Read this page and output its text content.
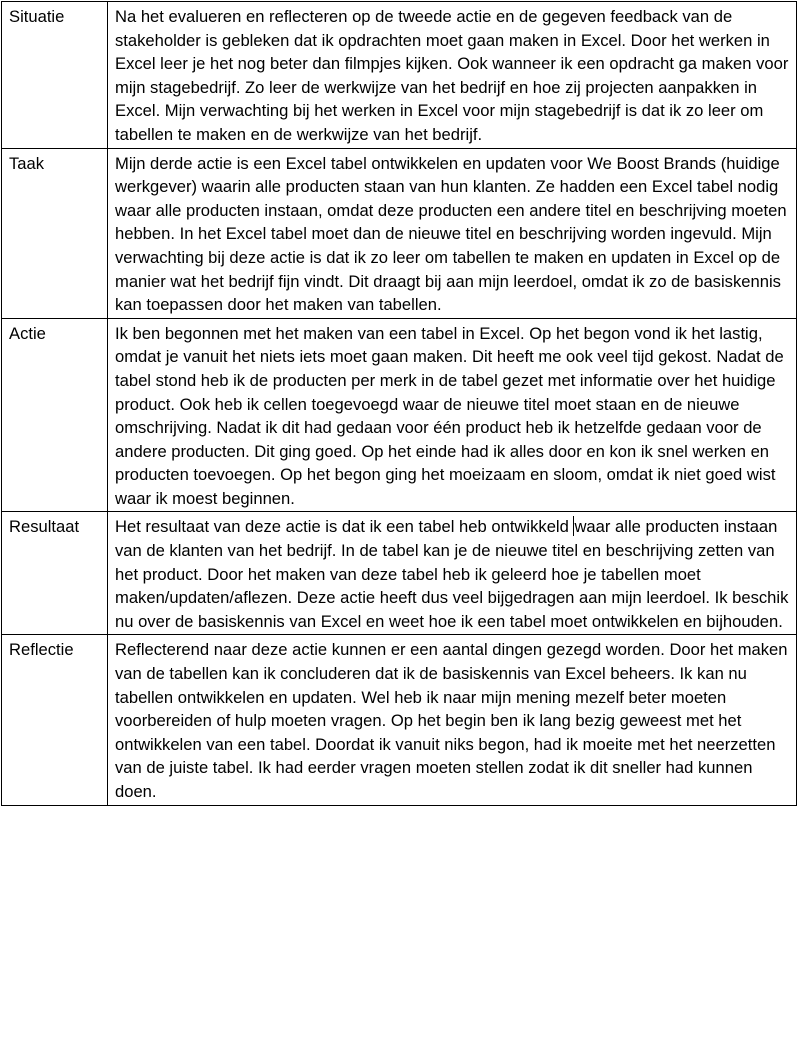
Situatie	Na het evalueren en reflecteren op de tweede actie en de gegeven feedback van de stakeholder is gebleken dat ik opdrachten moet gaan maken in Excel. Door het werken in Excel leer je het nog beter dan filmpjes kijken. Ook wanneer ik een opdracht ga maken voor mijn stagebedrijf. Zo leer de werkwijze van het bedrijf en hoe zij projecten aanpakken in Excel. Mijn verwachting bij het werken in Excel voor mijn stagebedrijf is dat ik zo leer om tabellen te maken en de werkwijze van het bedrijf.
Taak	Mijn derde actie is een Excel tabel ontwikkelen en updaten voor We Boost Brands (huidige werkgever) waarin alle producten staan van hun klanten. Ze hadden een Excel tabel nodig waar alle producten instaan, omdat deze producten een andere titel en beschrijving moeten hebben. In het Excel tabel moet dan de nieuwe titel en beschrijving worden ingevuld. Mijn verwachting bij deze actie is dat ik zo leer om tabellen te maken en updaten in Excel op de manier wat het bedrijf fijn vindt. Dit draagt bij aan mijn leerdoel, omdat ik zo de basiskennis kan toepassen door het maken van tabellen.
Actie	Ik ben begonnen met het maken van een tabel in Excel. Op het begon vond ik het lastig, omdat je vanuit het niets iets moet gaan maken. Dit heeft me ook veel tijd gekost. Nadat de tabel stond heb ik de producten per merk in de tabel gezet met informatie over het huidige product. Ook heb ik cellen toegevoegd waar de nieuwe titel moet staan en de nieuwe omschrijving. Nadat ik dit had gedaan voor één product heb ik hetzelfde gedaan voor de andere producten. Dit ging goed. Op het einde had ik alles door en kon ik snel werken en producten toevoegen. Op het begon ging het moeizaam en sloom, omdat ik niet goed wist waar ik moest beginnen.
Resultaat	Het resultaat van deze actie is dat ik een tabel heb ontwikkeld waar alle producten instaan van de klanten van het bedrijf. In de tabel kan je de nieuwe titel en beschrijving zetten van het product. Door het maken van deze tabel heb ik geleerd hoe je tabellen moet maken/updaten/aflezen. Deze actie heeft dus veel bijgedragen aan mijn leerdoel. Ik beschik nu over de basiskennis van Excel en weet hoe ik een tabel moet ontwikkelen en bijhouden.
Reflectie	Reflecterend naar deze actie kunnen er een aantal dingen gezegd worden. Door het maken van de tabellen kan ik concluderen dat ik de basiskennis van Excel beheers. Ik kan nu tabellen ontwikkelen en updaten. Wel heb ik naar mijn mening mezelf beter moeten voorbereiden of hulp moeten vragen. Op het begin ben ik lang bezig geweest met het ontwikkelen van een tabel. Doordat ik vanuit niks begon, had ik moeite met het neerzetten van de juiste tabel. Ik had eerder vragen moeten stellen zodat ik dit sneller had kunnen doen.
